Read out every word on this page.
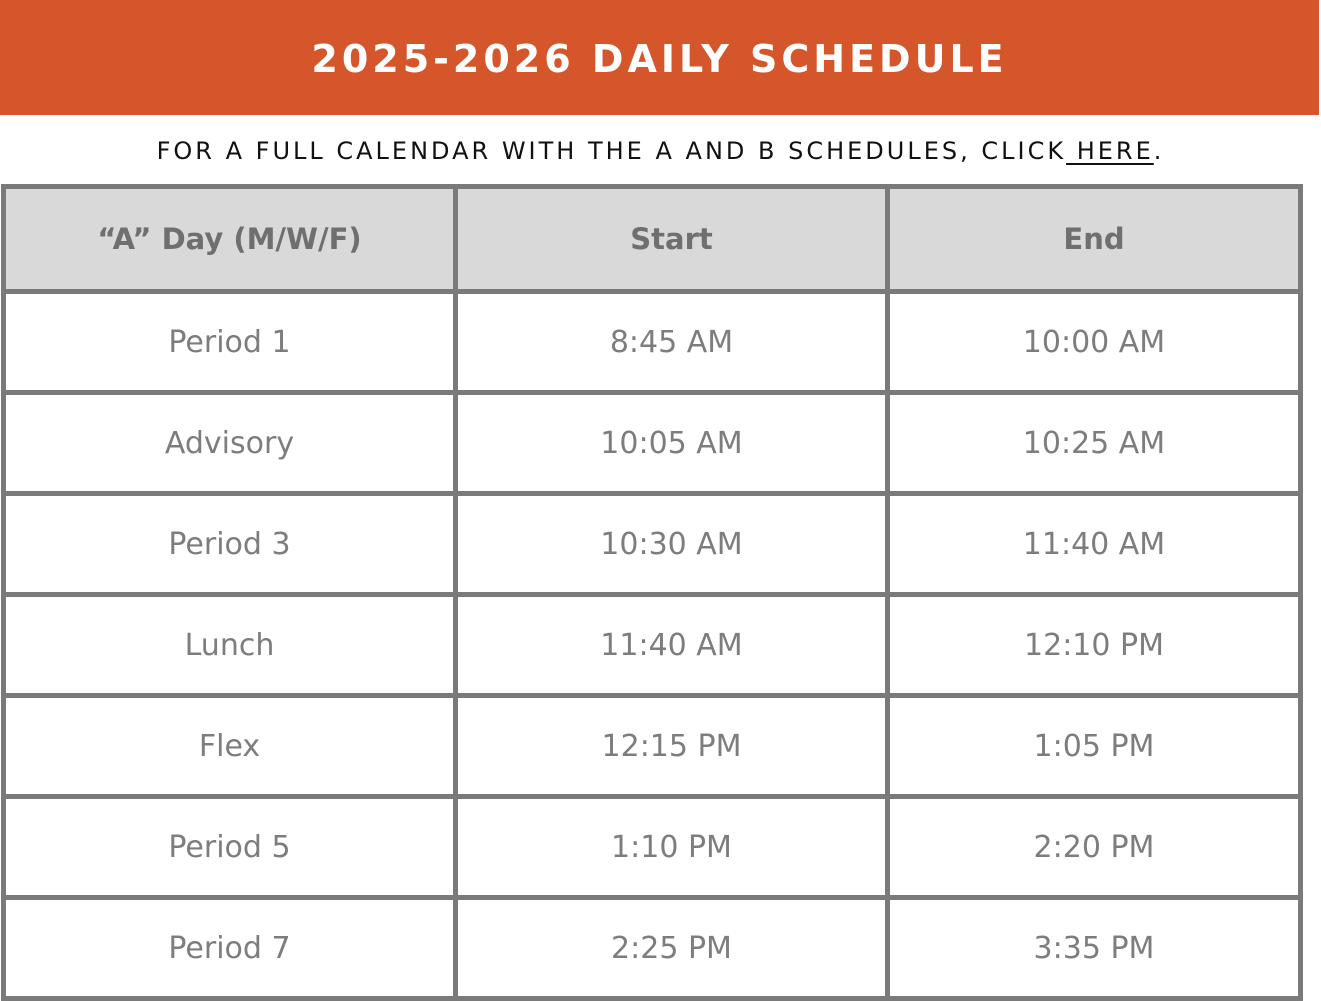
2025-2026 DAILY SCHEDULE
FOR A FULL CALENDAR WITH THE A AND B SCHEDULES, CLICK HERE.
“A” Day (M/W/F)	Start	End
Period 1	8:45 AM	10:00 AM
Advisory	10:05 AM	10:25 AM
Period 3	10:30 AM	11:40 AM
Lunch	11:40 AM	12:10 PM
Flex	12:15 PM	1:05 PM
Period 5	1:10 PM	2:20 PM
Period 7	2:25 PM	3:35 PM
